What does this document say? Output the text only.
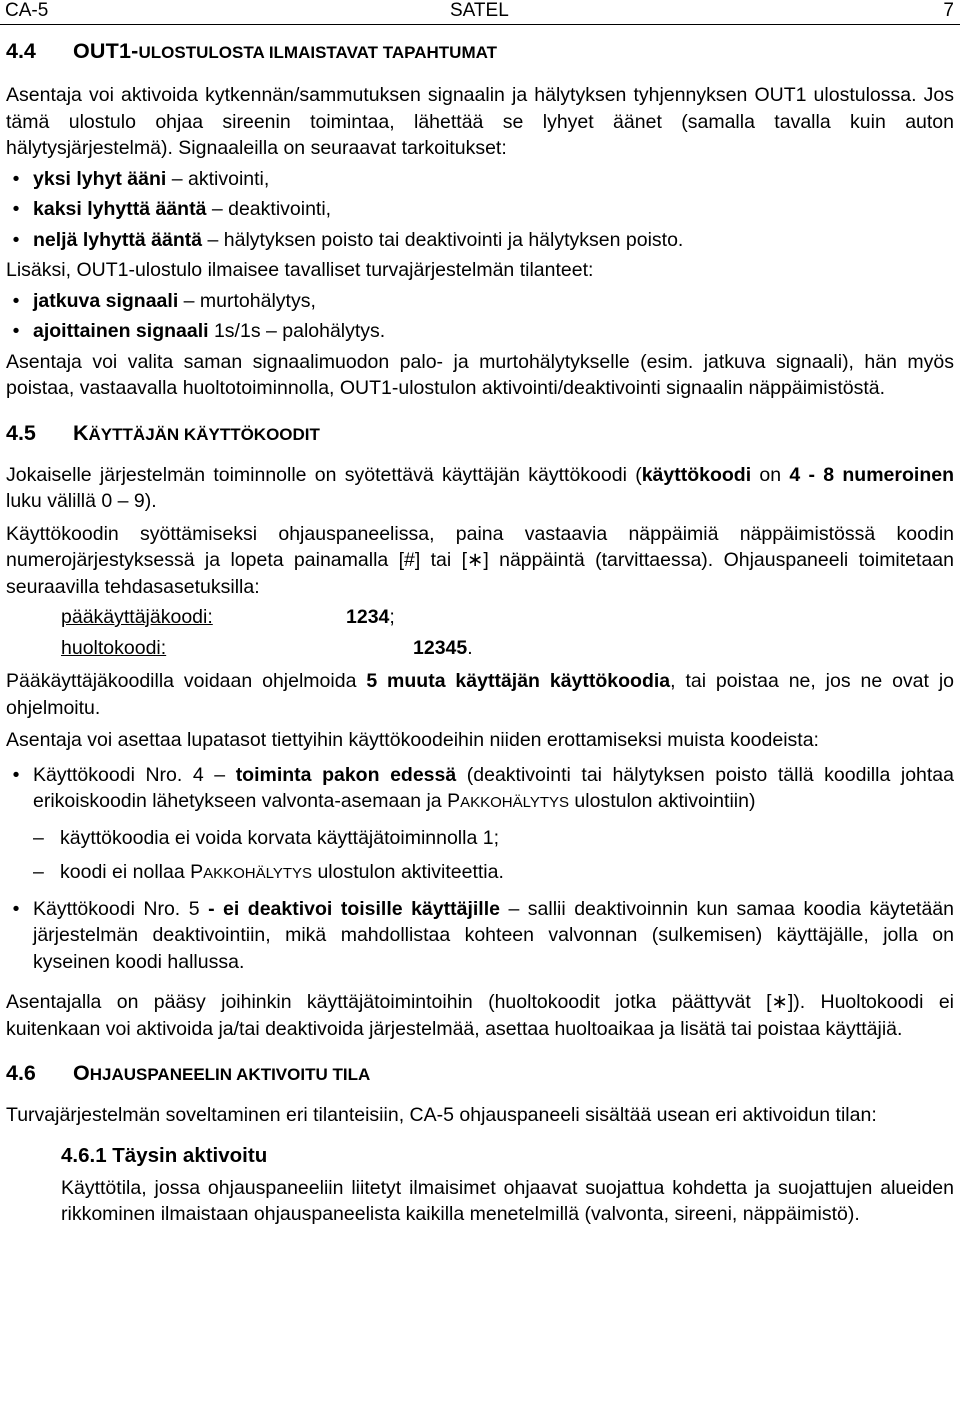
CA-5	SATEL	7
4.4	OUT1-ULOSTULOSTA ILMAISTAVAT TAPAHTUMAT

Asentaja voi aktivoida kytkennän/sammutuksen signaalin ja hälytyksen tyhjennyksen OUT1 ulostulossa. Jos tämä ulostulo ohjaa sireenin toimintaa, lähettää se lyhyet äänet (samalla tavalla kuin auton hälytysjärjestelmä). Signaaleilla on seuraavat tarkoitukset:

• yksi lyhyt ääni – aktivointi,
• kaksi lyhyttä ääntä – deaktivointi,
• neljä lyhyttä ääntä – hälytyksen poisto tai deaktivointi ja hälytyksen poisto.

Lisäksi, OUT1-ulostulo ilmaisee tavalliset turvajärjestelmän tilanteet:

• jatkuva signaali – murtohälytys,
• ajoittainen signaali 1s/1s – palohälytys.

Asentaja voi valita saman signaalimuodon palo- ja murtohälytykselle (esim. jatkuva signaali), hän myös poistaa, vastaavalla huoltotoiminnolla, OUT1-ulostulon aktivointi/deaktivointi signaalin näppäimistöstä.

4.5	KÄYTTÄJÄN KÄYTTÖKOODIT

Jokaiselle järjestelmän toiminnolle on syötettävä käyttäjän käyttökoodi (käyttökoodi on 4 - 8 numeroinen luku välillä 0 – 9).

Käyttökoodin syöttämiseksi ohjauspaneelissa, paina vastaavia näppäimiä näppäimistössä koodin numerojärjestyksessä ja lopeta painamalla [#] tai [∗] näppäintä (tarvittaessa). Ohjauspaneeli toimitetaan seuraavilla tehdasasetuksilla:

pääkäyttäjäkoodi:	1234;
huoltokoodi:	12345.

Pääkäyttäjäkoodilla voidaan ohjelmoida 5 muuta käyttäjän käyttökoodia, tai poistaa ne, jos ne ovat jo ohjelmoitu.

Asentaja voi asettaa lupatasot tiettyihin käyttökoodeihin niiden erottamiseksi muista koodeista:

• Käyttökoodi Nro. 4 – toiminta pakon edessä (deaktivointi tai hälytyksen poisto tällä koodilla johtaa erikoiskoodin lähetykseen valvonta-asemaan ja PAKKOHÄLYTYS ulostulon aktivointiin)
– käyttökoodia ei voida korvata käyttäjätoiminnolla 1;
– koodi ei nollaa PAKKOHÄLYTYS ulostulon aktiviteettia.
• Käyttökoodi Nro. 5 - ei deaktivoi toisille käyttäjille – sallii deaktivoinnin kun samaa koodia käytetään järjestelmän deaktivointiin, mikä mahdollistaa kohteen valvonnan (sulkemisen) käyttäjälle, jolla on kyseinen koodi hallussa.

Asentajalla on pääsy joihinkin käyttäjätoimintoihin (huoltokoodit jotka päättyvät [∗]). Huoltokoodi ei kuitenkaan voi aktivoida ja/tai deaktivoida järjestelmää, asettaa huoltoaikaa ja lisätä tai poistaa käyttäjiä.

4.6	OHJAUSPANEELIN AKTIVOITU TILA

Turvajärjestelmän soveltaminen eri tilanteisiin, CA-5 ohjauspaneeli sisältää usean eri aktivoidun tilan:

4.6.1 Täysin aktivoitu
Käyttötila, jossa ohjauspaneeliin liitetyt ilmaisimet ohjaavat suojattua kohdetta ja suojattujen alueiden rikkominen ilmaistaan ohjauspaneelista kaikilla menetelmillä (valvonta, sireeni, näppäimistö).
